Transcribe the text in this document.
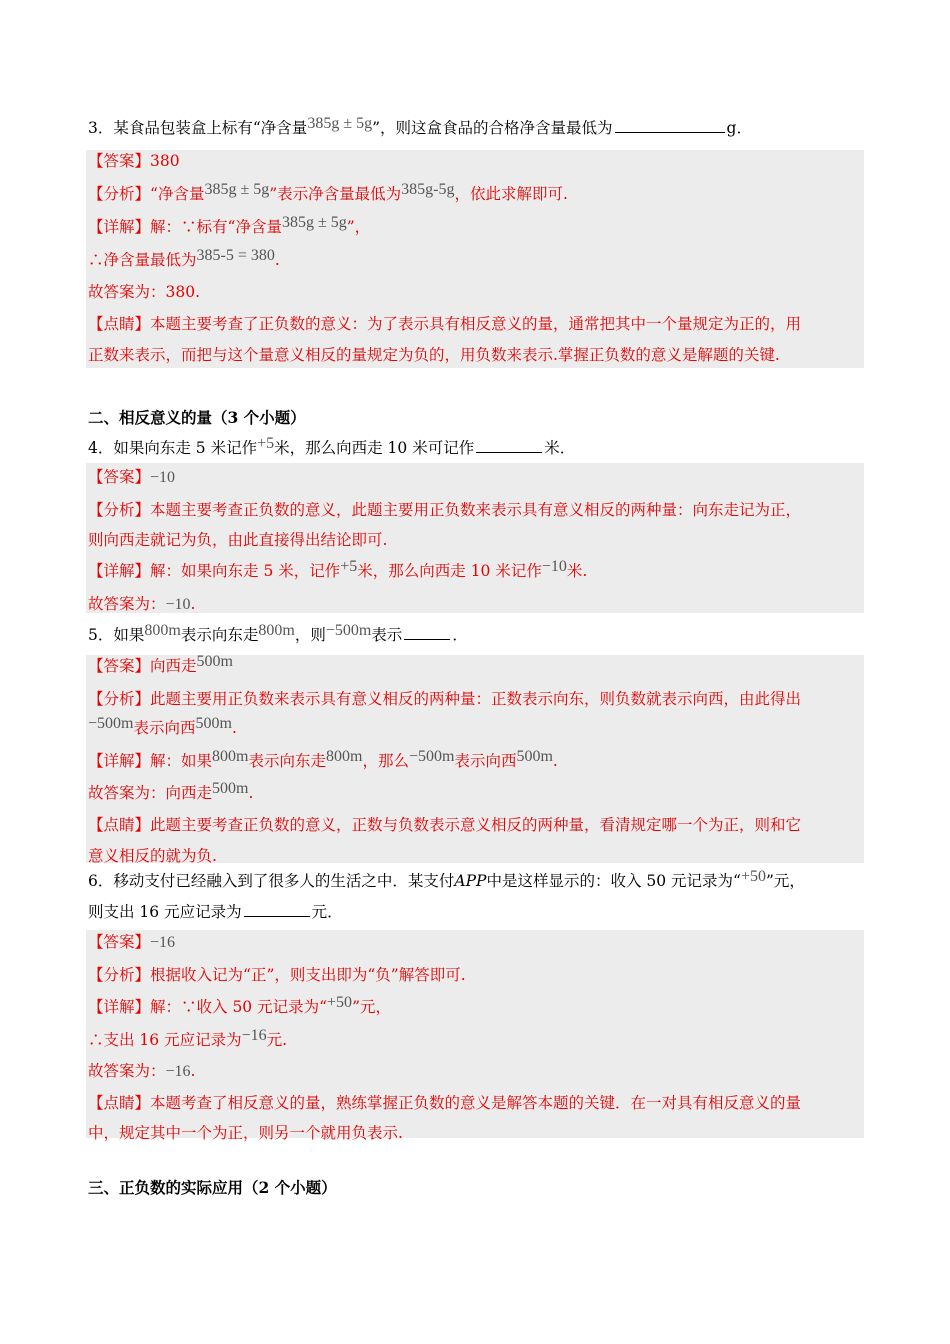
3．某食品包装盒上标有“净含量385g ± 5g”，则这盒食品的合格净含量最低为	g．
【答案】380
【分析】“净含量385g ± 5g”表示净含量最低为385g-5g，依此求解即可.
【详解】解：∵标有“净含量385g ± 5g”，
∴净含量最低为385-5 = 380.
故答案为：380.
【点睛】本题主要考查了正负数的意义：为了表示具有相反意义的量，通常把其中一个量规定为正的，用
正数来表示，而把与这个量意义相反的量规定为负的，用负数来表示.掌握正负数的意义是解题的关键.
二、相反意义的量（3 个小题）
4．如果向东走 5 米记作+5米，那么向西走 10 米可记作	米．
【答案】−10
【分析】本题主要考查正负数的意义，此题主要用正负数来表示具有意义相反的两种量：向东走记为正，
则向西走就记为负，由此直接得出结论即可.
【详解】解：如果向东走 5 米，记作+5米，那么向西走 10 米记作−10米.
故答案为：−10.
5．如果800m表示向东走800m，则−500m表示	．
【答案】向西走500m
【分析】此题主要用正负数来表示具有意义相反的两种量：正数表示向东，则负数就表示向西，由此得出
−500m表示向西500m.
【详解】解：如果800m表示向东走800m，那么−500m表示向西500m.
故答案为：向西走500m.
【点睛】此题主要考查正负数的意义，正数与负数表示意义相反的两种量，看清规定哪一个为正，则和它
意义相反的就为负.
6．移动支付已经融入到了很多人的生活之中．某支付APP中是这样显示的：收入 50 元记录为“+50”元，
则支出 16 元应记录为	元．
【答案】−16
【分析】根据收入记为“正”，则支出即为“负”解答即可.
【详解】解：∵收入 50 元记录为“+50”元，
∴支出 16 元应记录为−16元.
故答案为：−16.
【点睛】本题考查了相反意义的量，熟练掌握正负数的意义是解答本题的关键．在一对具有相反意义的量
中，规定其中一个为正，则另一个就用负表示.
三、正负数的实际应用（2 个小题）
